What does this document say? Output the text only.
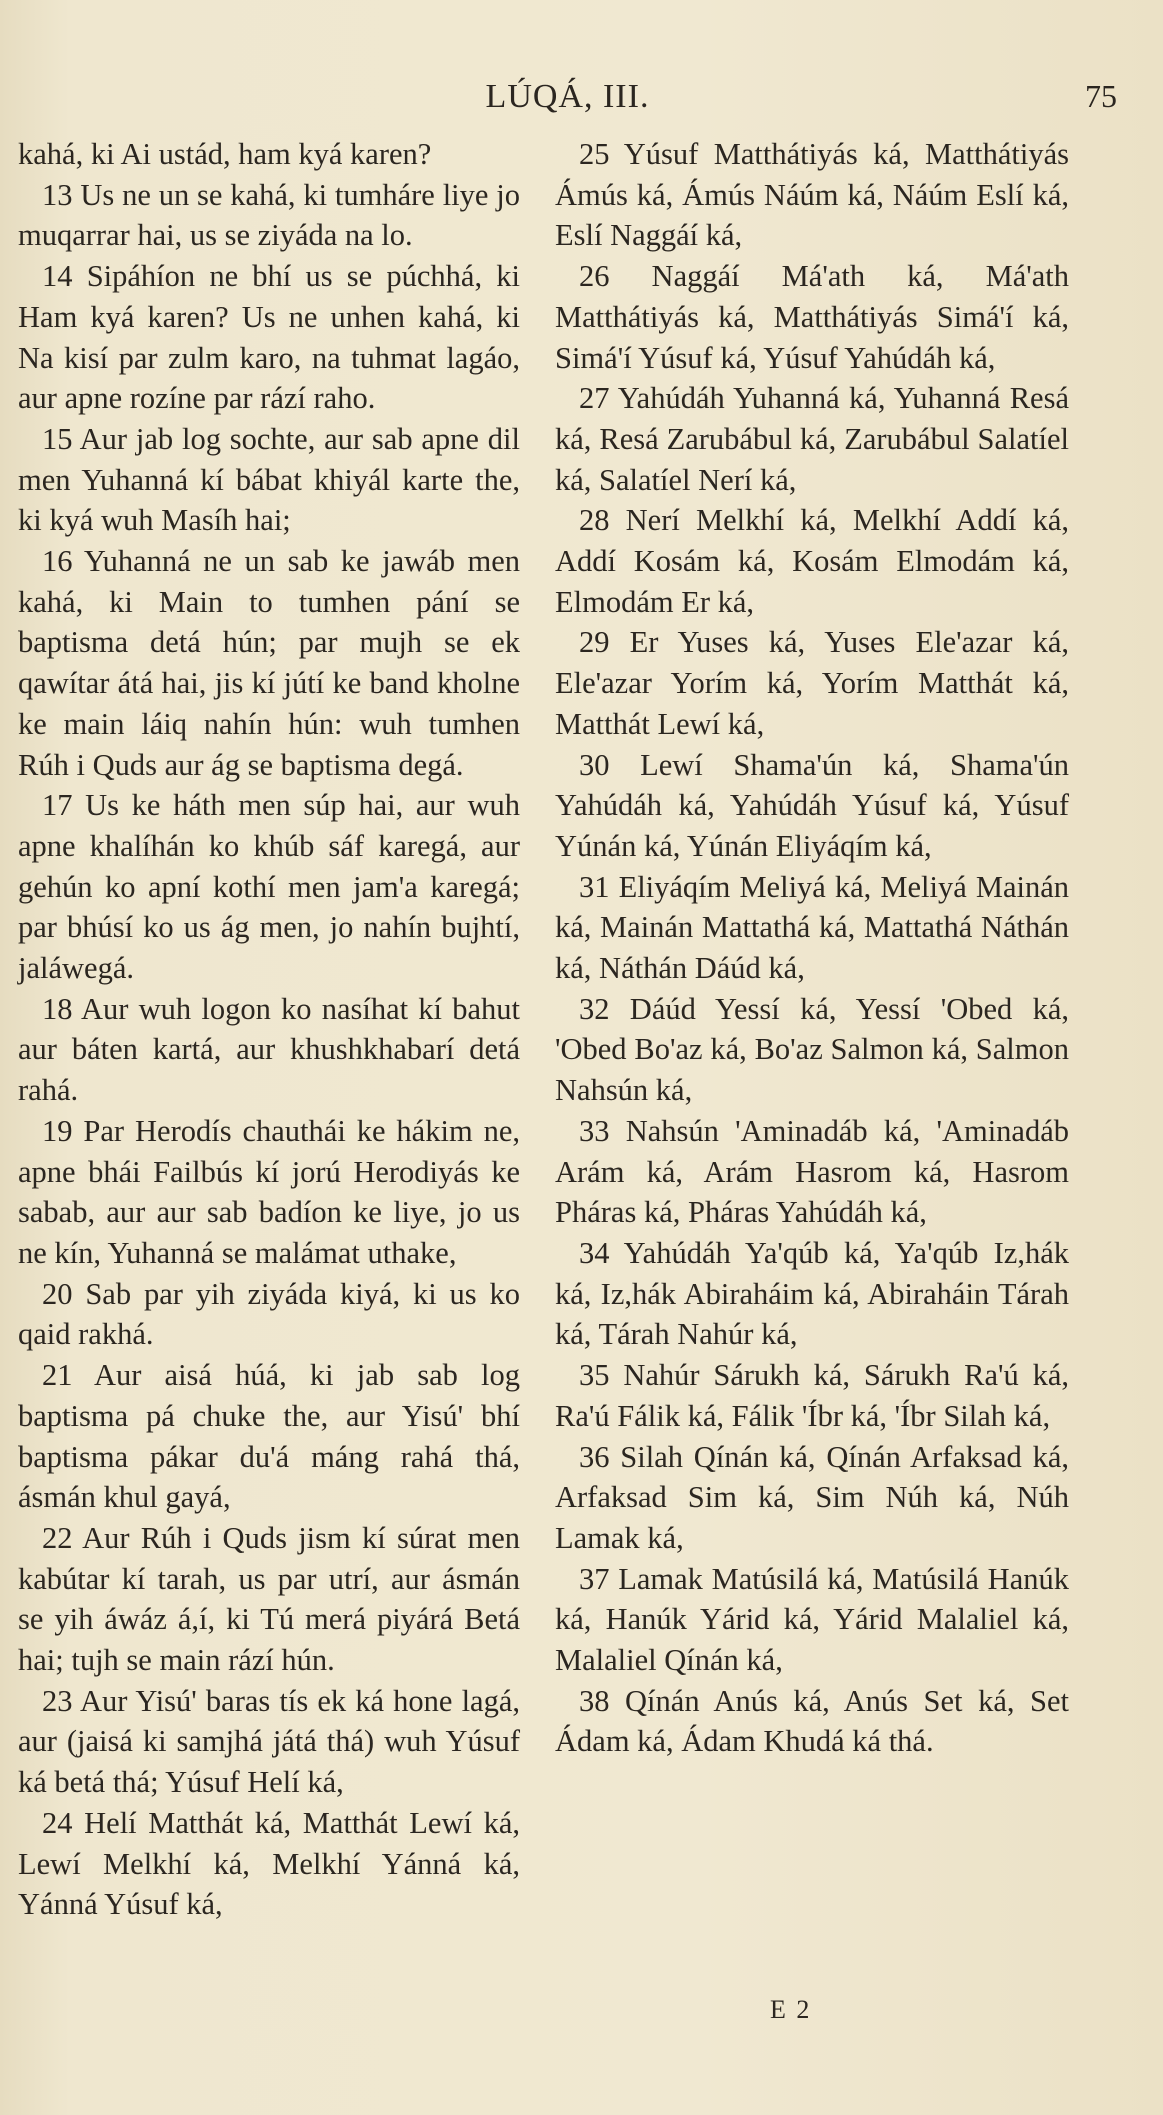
LÚQÁ, III.	75

kahá, ki Ai ustád, ham kyá karen?

13 Us ne un se kahá, ki tumháre liye jo muqarrar hai, us se ziyáda na lo.

14 Sipáhíon ne bhí us se púchhá, ki Ham kyá karen? Us ne unhen kahá, ki Na kisí par zulm karo, na tuhmat lagáo, aur apne rozíne par rází raho.

15 Aur jab log sochte, aur sab apne dil men Yuhanná kí bábat khiyál karte the, ki kyá wuh Masíh hai;

16 Yuhanná ne un sab ke jawáb men kahá, ki Main to tumhen pání se baptisma detá hún; par mujh se ek qawítar átá hai, jis kí jútí ke band kholne ke main láiq nahín hún: wuh tumhen Rúh i Quds aur ág se baptisma degá.

17 Us ke háth men súp hai, aur wuh apne khalíhán ko khúb sáf karegá, aur gehún ko apní kothí men jam'a karegá; par bhúsí ko us ág men, jo nahín bujhtí, jaláwegá.

18 Aur wuh logon ko nasíhat kí bahut aur báten kartá, aur khushkhabarí detá rahá.

19 Par Herodís chauthái ke hákim ne, apne bhái Failbús kí jorú Herodiyás ke sabab, aur aur sab badíon ke liye, jo us ne kín, Yuhanná se malámat uthake,

20 Sab par yih ziyáda kiyá, ki us ko qaid rakhá.

21 Aur aisá húá, ki jab sab log baptisma pá chuke the, aur Yisú' bhí baptisma pákar du'á máng rahá thá, ásmán khul gayá,

22 Aur Rúh i Quds jism kí súrat men kabútar kí tarah, us par utrí, aur ásmán se yih áwáz á,í, ki Tú merá piyárá Betá hai; tujh se main rází hún.

23 Aur Yisú' baras tís ek ká hone lagá, aur (jaisá ki samjhá játá thá) wuh Yúsuf ká betá thá; Yúsuf Helí ká,

24 Helí Matthát ká, Matthát Lewí ká, Lewí Melkhí ká, Melkhí Yánná ká, Yánná Yúsuf ká,

25 Yúsuf Matthátiyás ká, Matthátiyás Ámús ká, Ámús Náúm ká, Náúm Eslí ká, Eslí Naggáí ká,

26 Naggáí Má'ath ká, Má'ath Matthátiyás ká, Matthátiyás Simá'í ká, Simá'í Yúsuf ká, Yúsuf Yahúdáh ká,

27 Yahúdáh Yuhanná ká, Yuhanná Resá ká, Resá Zarubábul ká, Zarubábul Salatíel ká, Salatíel Nerí ká,

28 Nerí Melkhí ká, Melkhí Addí ká, Addí Kosám ká, Kosám Elmodám ká, Elmodám Er ká,

29 Er Yuses ká, Yuses Ele'azar ká, Ele'azar Yorím ká, Yorím Matthát ká, Matthát Lewí ká,

30 Lewí Shama'ún ká, Shama'ún Yahúdáh ká, Yahúdáh Yúsuf ká, Yúsuf Yúnán ká, Yúnán Eliyáqím ká,

31 Eliyáqím Meliyá ká, Meliyá Mainán ká, Mainán Mattathá ká, Mattathá Náthán ká, Náthán Dáúd ká,

32 Dáúd Yessí ká, Yessí 'Obed ká, 'Obed Bo'az ká, Bo'az Salmon ká, Salmon Nahsún ká,

33 Nahsún 'Aminadáb ká, 'Aminadáb Arám ká, Arám Hasrom ká, Hasrom Pháras ká, Pháras Yahúdáh ká,

34 Yahúdáh Ya'qúb ká, Ya'qúb Iz,hák ká, Iz,hák Abiraháim ká, Abiraháin Tárah ká, Tárah Nahúr ká,

35 Nahúr Sárukh ká, Sárukh Ra'ú ká, Ra'ú Fálik ká, Fálik 'Íbr ká, 'Íbr Silah ká,

36 Silah Qínán ká, Qínán Arfaksad ká, Arfaksad Sim ká, Sim Núh ká, Núh Lamak ká,

37 Lamak Matúsilá ká, Matúsilá Hanúk ká, Hanúk Yárid ká, Yárid Malaliel ká, Malaliel Qínán ká,

38 Qínán Anús ká, Anús Set ká, Set Ádam ká, Ádam Khudá ká thá.

E 2
